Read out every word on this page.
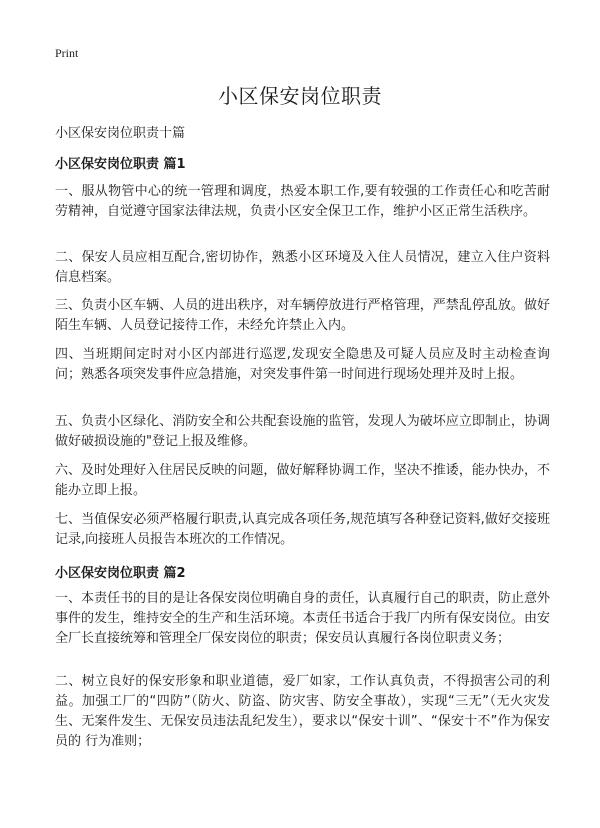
Print
小区保安岗位职责
小区保安岗位职责十篇
小区保安岗位职责 篇1

一、服从物管中心的统一管理和调度，热爱本职工作,要有较强的工作责任心和吃苦耐劳精神，自觉遵守国家法律法规，负责小区安全保卫工作，维护小区正常生活秩序。

二、保安人员应相互配合,密切协作，熟悉小区环境及入住人员情况，建立入住户资料信息档案。

三、负责小区车辆、人员的进出秩序，对车辆停放进行严格管理，严禁乱停乱放。做好陌生车辆、人员登记接待工作，未经允许禁止入内。

四、当班期间定时对小区内部进行巡逻,发现安全隐患及可疑人员应及时主动检查询问；熟悉各项突发事件应急措施，对突发事件第一时间进行现场处理并及时上报。

五、负责小区绿化、消防安全和公共配套设施的监管，发现人为破坏应立即制止，协调做好破损设施的"登记上报及维修。

六、及时处理好入住居民反映的问题，做好解释协调工作，坚决不推诿，能办快办，不能办立即上报。

七、当值保安必须严格履行职责,认真完成各项任务,规范填写各种登记资料,做好交接班记录,向接班人员报告本班次的工作情况。

小区保安岗位职责 篇2

一、本责任书的目的是让各保安岗位明确自身的责任，认真履行自己的职责，防止意外事件的发生，维持安全的生产和生活环境。本责任书适合于我厂内所有保安岗位。由安全厂长直接统筹和管理全厂保安岗位的职责；保安员认真履行各岗位职责义务；

二、树立良好的保安形象和职业道德，爱厂如家，工作认真负责，不得损害公司的利益。加强工厂的“四防”（防火、防盗、防灾害、防安全事故），实现“三无”（无火灾发生、无案件发生、无保安员违法乱纪发生），要求以“保安十训”、“保安十不”作为保安员的 行为准则；
